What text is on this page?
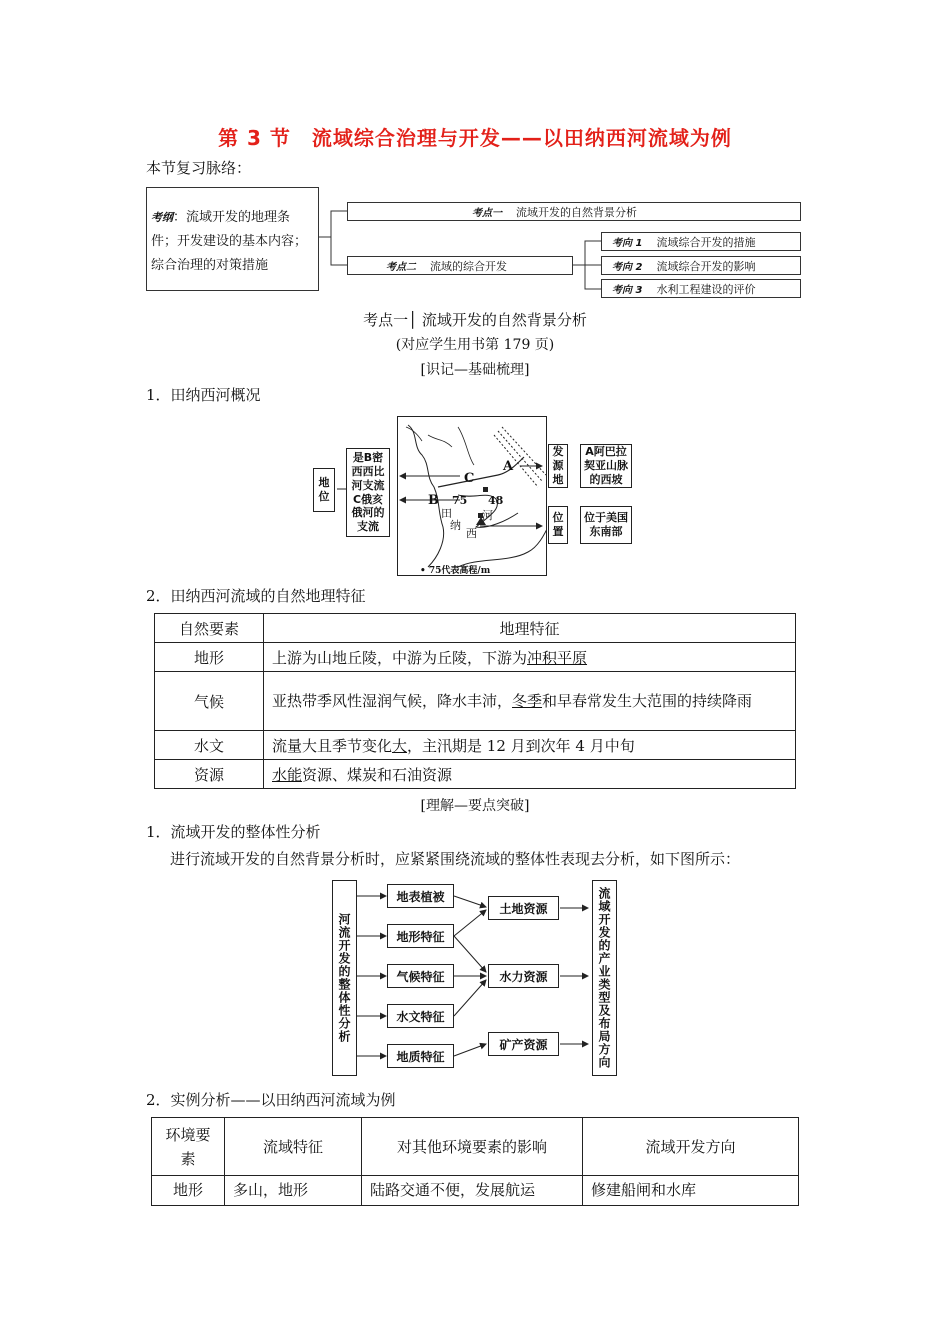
第 3 节　流域综合治理与开发——以田纳西河流域为例
本节复习脉络：
考纲：流域开发的地理条件；开发建设的基本内容；综合治理的对策措施
考点一 流域开发的自然背景分析
考点二 流域的综合开发
考向 1 流域综合开发的措施
考向 2 流域综合开发的影响
考向 3 水利工程建设的评价
考点一│ 流域开发的自然背景分析
(对应学生用书第 179 页)
[识记—基础梳理]
1．田纳西河概况
地位
是B密西西比河支流 C俄亥俄河的支流
A
B
C
75 48
田
纳
西
河
• 75代表高程/m
发源地
A阿巴拉契亚山脉的西坡
位置
位于美国东南部
2．田纳西河流域的自然地理特征
自然要素	地理特征
地形	上游为山地丘陵，中游为丘陵，下游为冲积平原
气候	亚热带季风性湿润气候，降水丰沛，冬季和早春常发生大范围的持续降雨
水文	流量大且季节变化大，主汛期是 12 月到次年 4 月中旬
资源	水能资源、煤炭和石油资源
[理解—要点突破]
1．流域开发的整体性分析
进行流域开发的自然背景分析时，应紧紧围绕流域的整体性表现去分析，如下图所示：
河流开发的整体性分析
地表植被
地形特征
气候特征
水文特征
地质特征
土地资源
水力资源
矿产资源	流域开发的产业类型及布局方向
2．实例分析——以田纳西河流域为例
环境要素	流域特征	对其他环境要素的影响	流域开发方向
地形	多山，地形	陆路交通不便，发展航运	修建船闸和水库
